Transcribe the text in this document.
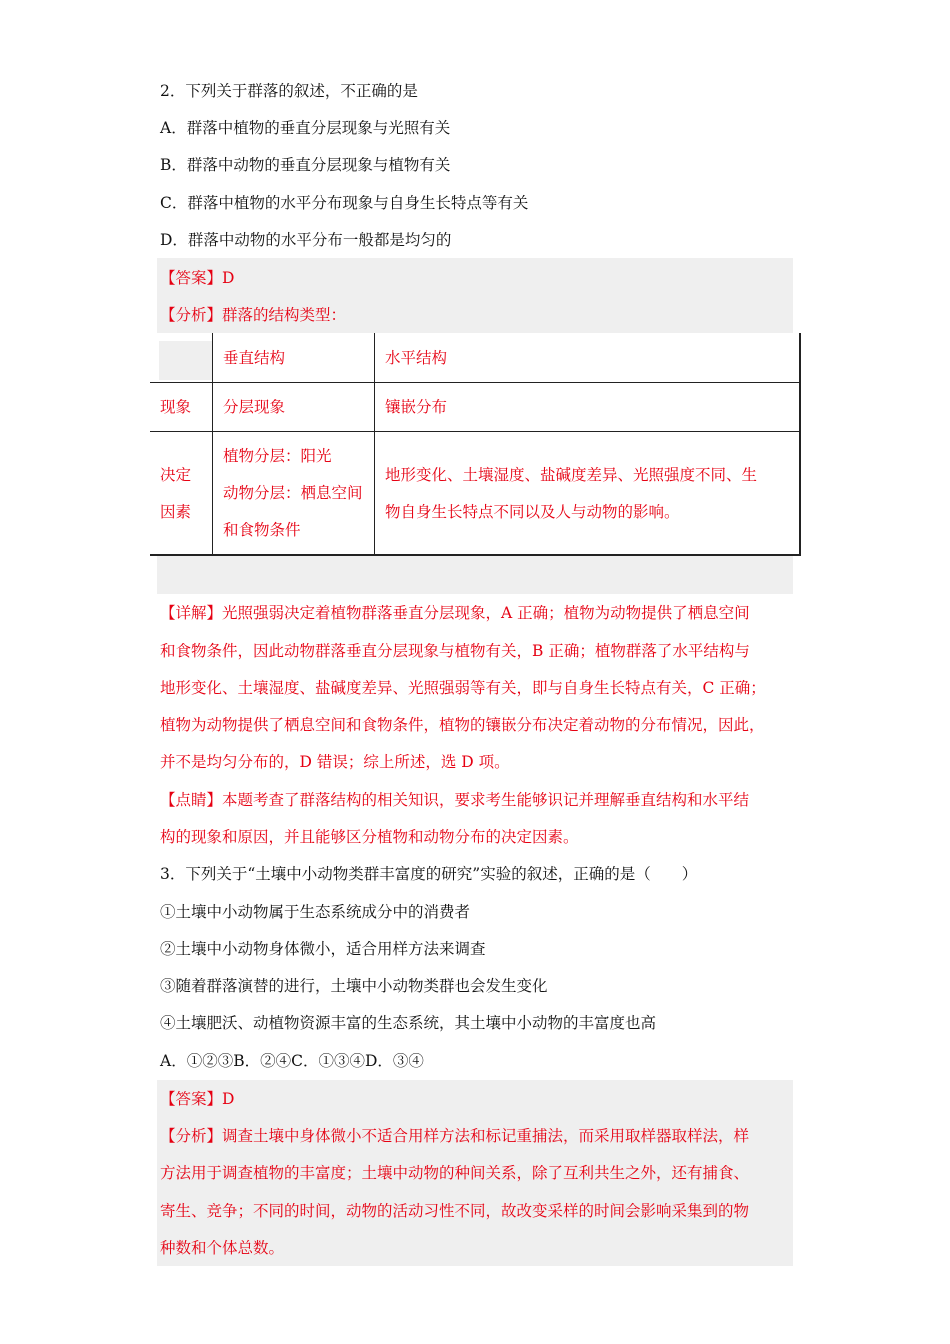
2．下列关于群落的叙述，不正确的是
A．群落中植物的垂直分层现象与光照有关
B．群落中动物的垂直分层现象与植物有关
C．群落中植物的水平分布现象与自身生长特点等有关
D．群落中动物的水平分布一般都是均匀的
【答案】D
【分析】群落的结构类型：
垂直结构	水平结构
现象 分层现象	镶嵌分布
决定
因素
植物分层：阳光
动物分层：栖息空间
和食物条件
地形变化、土壤湿度、盐碱度差异、光照强度不同、生
物自身生长特点不同以及人与动物的影响。
【详解】光照强弱决定着植物群落垂直分层现象，A 正确；植物为动物提供了栖息空间
和食物条件，因此动物群落垂直分层现象与植物有关，B 正确；植物群落了水平结构与
地形变化、土壤湿度、盐碱度差异、光照强弱等有关，即与自身生长特点有关，C 正确；
植物为动物提供了栖息空间和食物条件，植物的镶嵌分布决定着动物的分布情况，因此，
并不是均匀分布的，D 错误；综上所述，选 D 项。
【点睛】本题考查了群落结构的相关知识，要求考生能够识记并理解垂直结构和水平结
构的现象和原因，并且能够区分植物和动物分布的决定因素。
3．下列关于“土壤中小动物类群丰富度的研究”实验的叙述，正确的是（　　）
①土壤中小动物属于生态系统成分中的消费者
②土壤中小动物身体微小，适合用样方法来调查
③随着群落演替的进行，土壤中小动物类群也会发生变化
④土壤肥沃、动植物资源丰富的生态系统，其土壤中小动物的丰富度也高
A．①②③B．②④C．①③④D．③④
【答案】D
【分析】调查土壤中身体微小不适合用样方法和标记重捕法，而采用取样器取样法，样
方法用于调查植物的丰富度；土壤中动物的种间关系，除了互利共生之外，还有捕食、
寄生、竞争；不同的时间，动物的活动习性不同，故改变采样的时间会影响采集到的物
种数和个体总数。
